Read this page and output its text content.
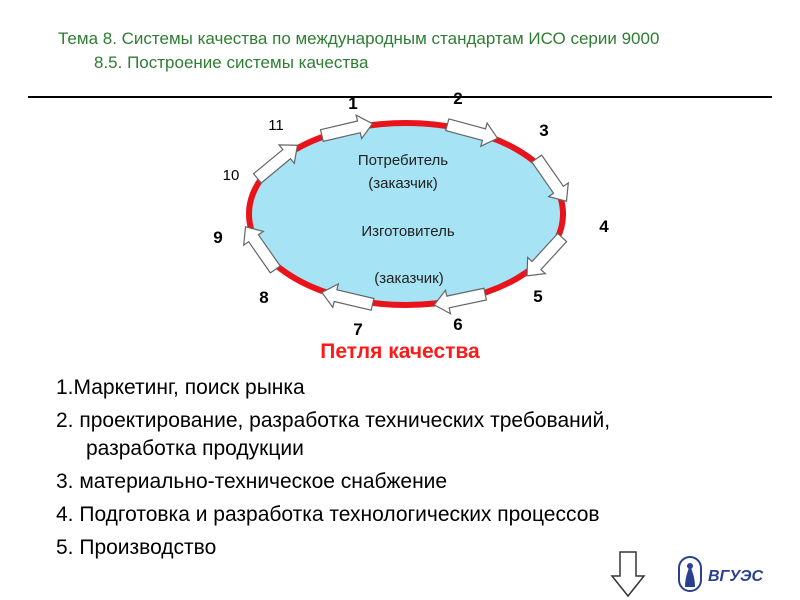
Тема 8. Системы качества по международным стандартам ИСО серии 9000

8.5. Построение системы качества

Потребитель
(заказчик)
Изготовитель
(заказчик)
1	2
3
4
5
6
7
8
9
10
11

Петля качества

1.Маркетинг, поиск рынка
2. проектирование, разработка технических требований, разработка продукции
3. материально-техническое снабжение
4. Подготовка и разработка технологических процессов
5. Производство
ВГУЭС
